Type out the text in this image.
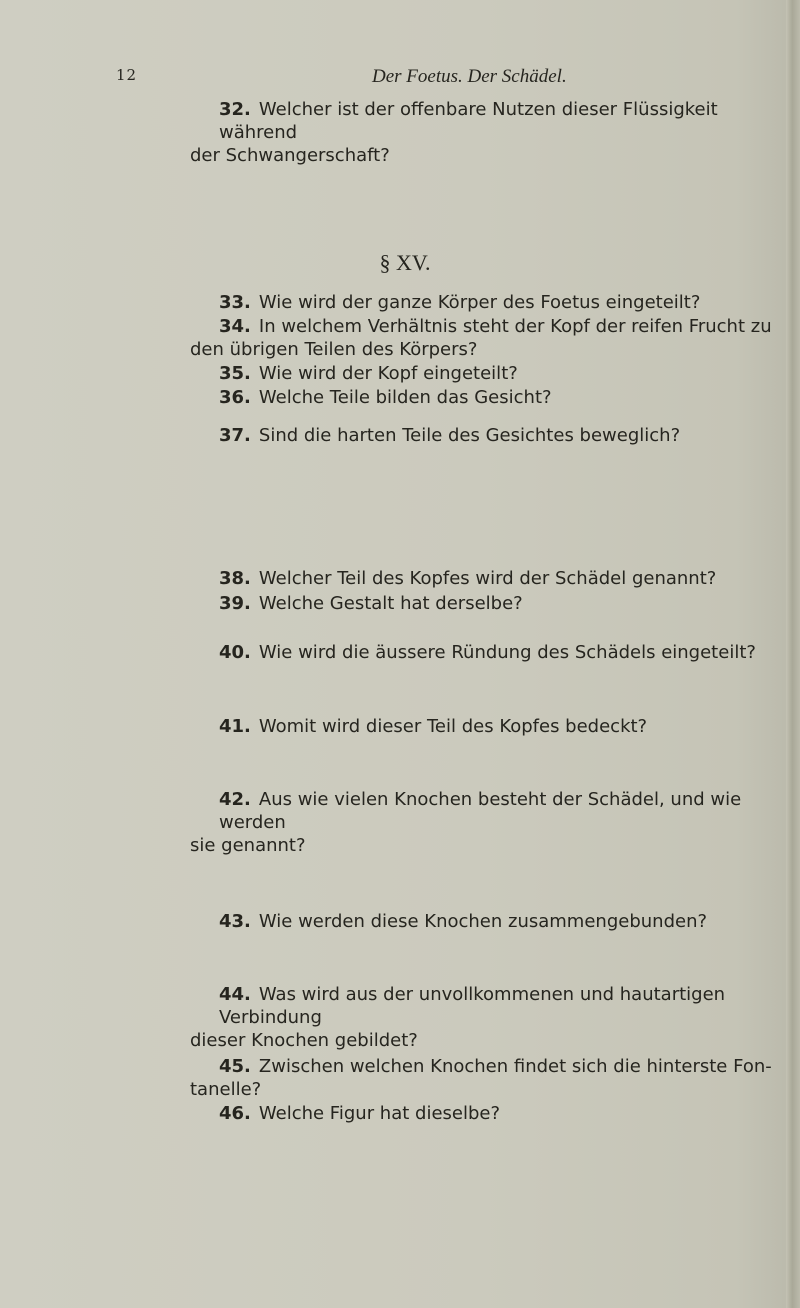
12	Der Foetus. Der Schädel.
32. Welcher ist der offenbare Nutzen dieser Flüssigkeit während
der Schwangerschaft?
§ XV.
33. Wie wird der ganze Körper des Foetus eingeteilt?
34. In welchem Verhältnis steht der Kopf der reifen Frucht zu
den übrigen Teilen des Körpers?
35. Wie wird der Kopf eingeteilt?
36. Welche Teile bilden das Gesicht?
37. Sind die harten Teile des Gesichtes beweglich?
38. Welcher Teil des Kopfes wird der Schädel genannt?
39. Welche Gestalt hat derselbe?
40. Wie wird die äussere Ründung des Schädels eingeteilt?
41. Womit wird dieser Teil des Kopfes bedeckt?
42. Aus wie vielen Knochen besteht der Schädel, und wie werden
sie genannt?
43. Wie werden diese Knochen zusammengebunden?
44. Was wird aus der unvollkommenen und hautartigen Verbindung
dieser Knochen gebildet?
45. Zwischen welchen Knochen findet sich die hinterste Fon-
tanelle?
46. Welche Figur hat dieselbe?
